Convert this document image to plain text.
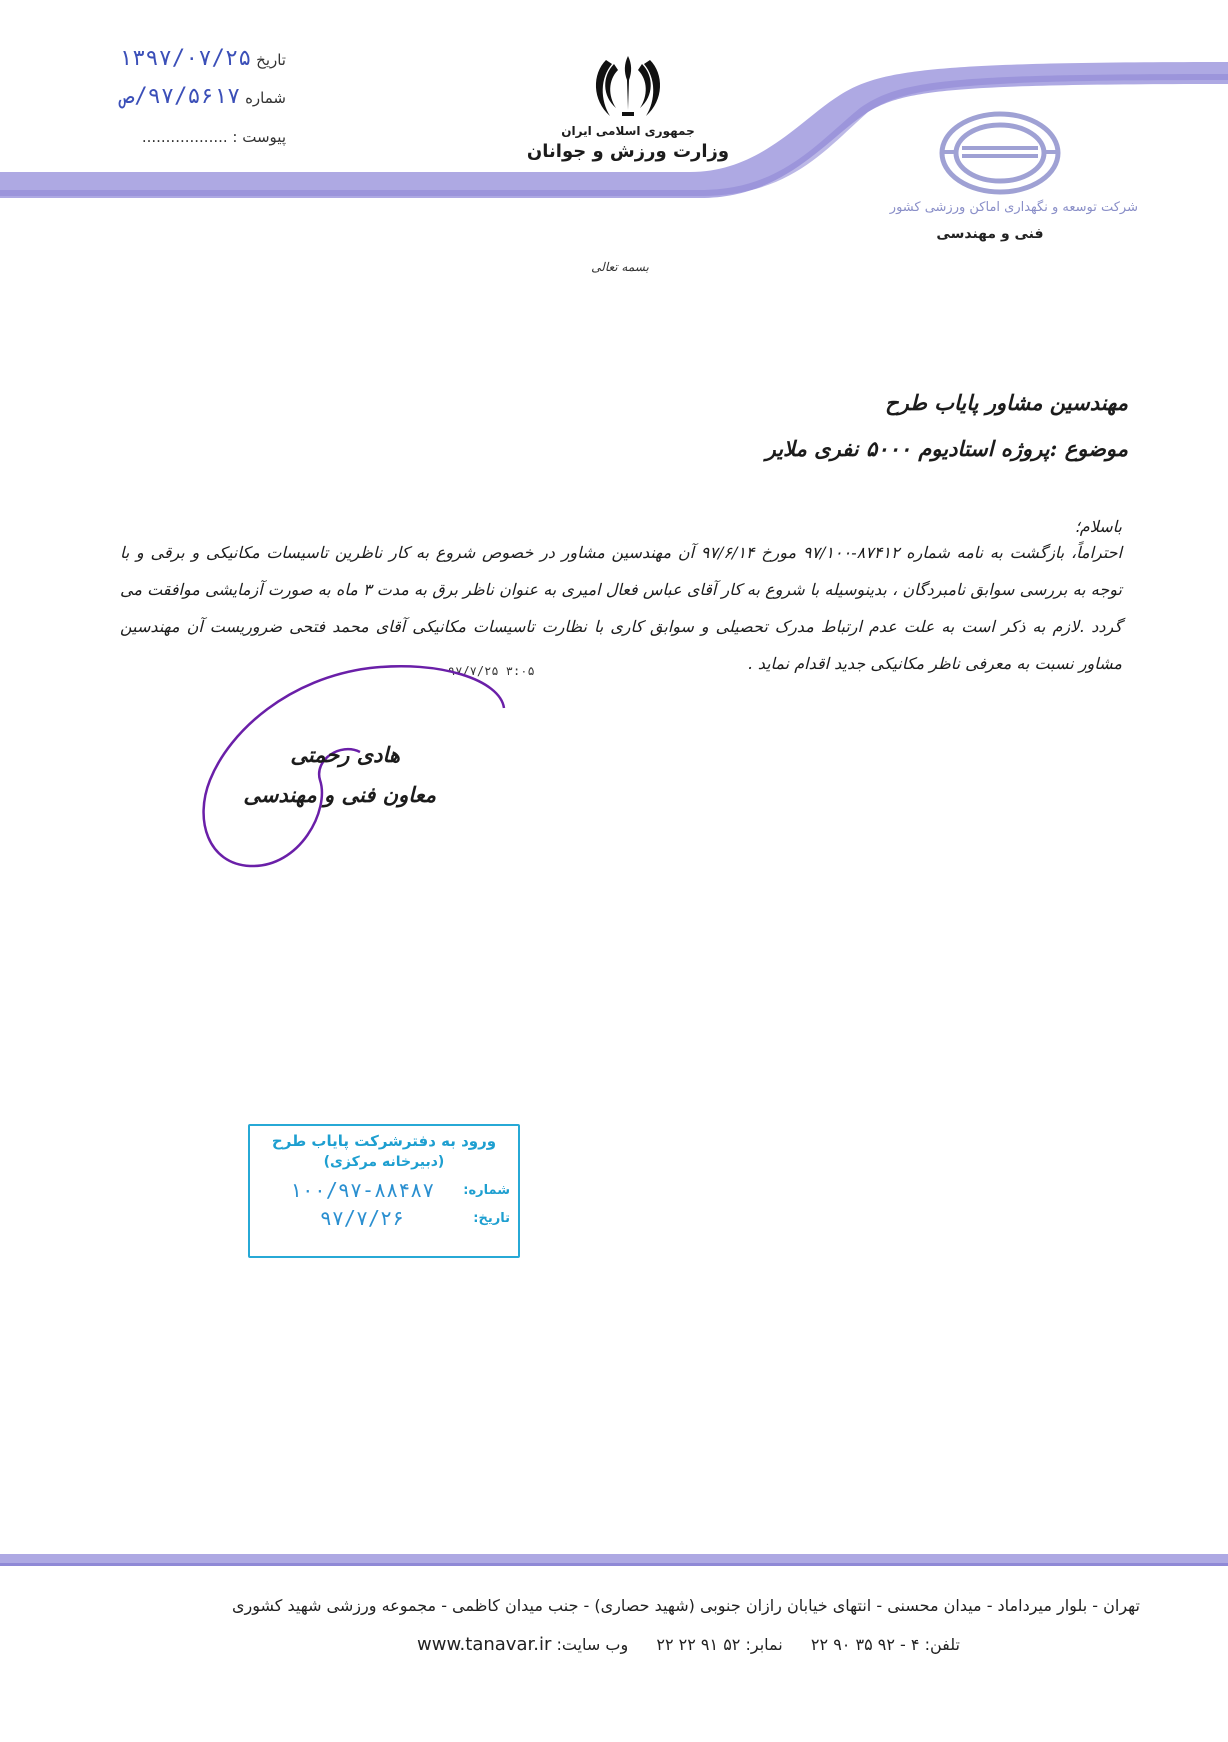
تاریخ ۱۳۹۷/۰۷/۲۵
شماره ۹۷/۵۶۱۷/ص
پیوست : ..................	جمهوری اسلامی ایران
وزارت ورزش و جوانان
شرکت توسعه و نگهداری اماکن ورزشی کشور
فنی و مهندسی
بسمه تعالی
مهندسین مشاور پایاب طرح
موضوع :پروژه استادیوم ۵۰۰۰ نفری ملایر
باسلام؛
احتراماً، بازگشت به نامه شماره ۸۷۴۱۲-۹۷/۱۰۰ مورخ ۹۷/۶/۱۴ آن مهندسین مشاور در خصوص شروع به کار ناظرین تاسیسات مکانیکی و برقی و با توجه به بررسی سوابق نامبردگان ، بدینوسیله با شروع به کار آقای عباس فعال امیری به عنوان ناظر برق به مدت ۳ ماه به صورت آزمایشی موافقت می گردد .لازم به ذکر است به علت عدم ارتباط مدرک تحصیلی و سوابق کاری با نظارت تاسیسات مکانیکی آقای محمد فتحی ضروریست آن مهندسین مشاور نسبت به معرفی ناظر مکانیکی جدید اقدام نماید .
۹۷/۷/۲۵ ۳:۰۵
هادی رحمتی
معاون فنی و مهندسی
ورود به دفترشرکت پایاب طرح
(دبیرخانه مرکزی)
شماره:
۱۰۰/۹۷-۸۸۴۸۷
تاریخ:
۹۷/۷/۲۶
تهران - بلوار میرداماد - میدان محسنی - انتهای خیابان رازان جنوبی (شهید حصاری) - جنب میدان کاظمی - مجموعه ورزشی شهید کشوری
تلفن: ۴ - ۹۲ ۳۵ ۹۰ ۲۲  نمابر: ۵۲ ۹۱ ۲۲ ۲۲  وب سایت: www.tanavar.ir
